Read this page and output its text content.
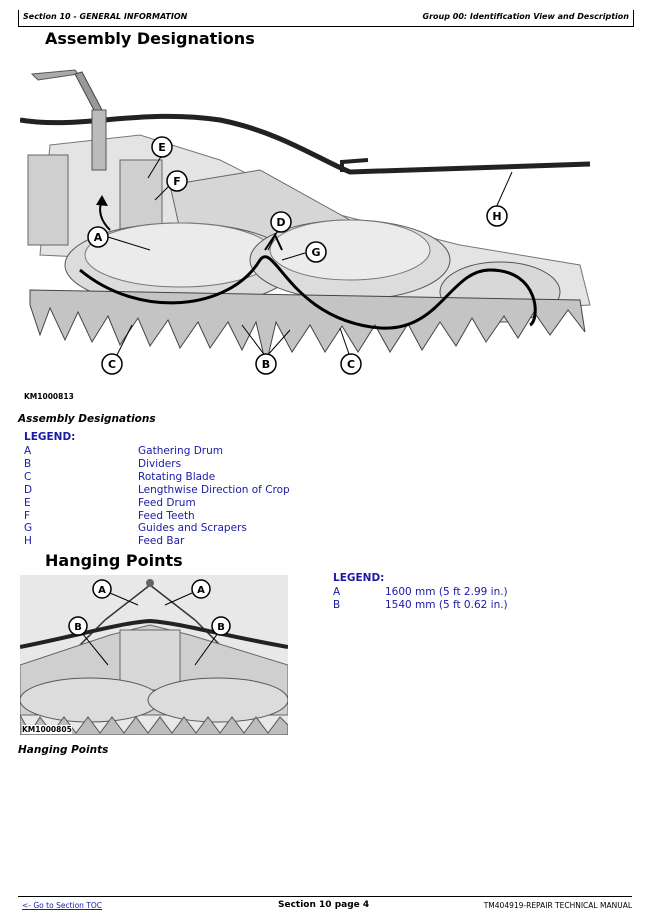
Section 10 - GENERAL INFORMATION	Group 00: Identification View and Description
Assembly Designations
E
F
A
D
G
H
C	B	C
KM1000813
Assembly Designations
LEGEND:
A	Gathering Drum
B	Dividers
C	Rotating Blade
D	Lengthwise Direction of Crop
E	Feed Drum
F	Feed Teeth
G	Guides and Scrapers
H	Feed Bar
Hanging Points
A	A
B	B
KM1000805
Hanging Points
LEGEND:
A	1600 mm (5 ft 2.99 in.)
B	1540 mm (5 ft 0.62 in.)
<- Go to Section TOC	Section 10 page 4	TM404919-REPAIR TECHNICAL MANUAL
